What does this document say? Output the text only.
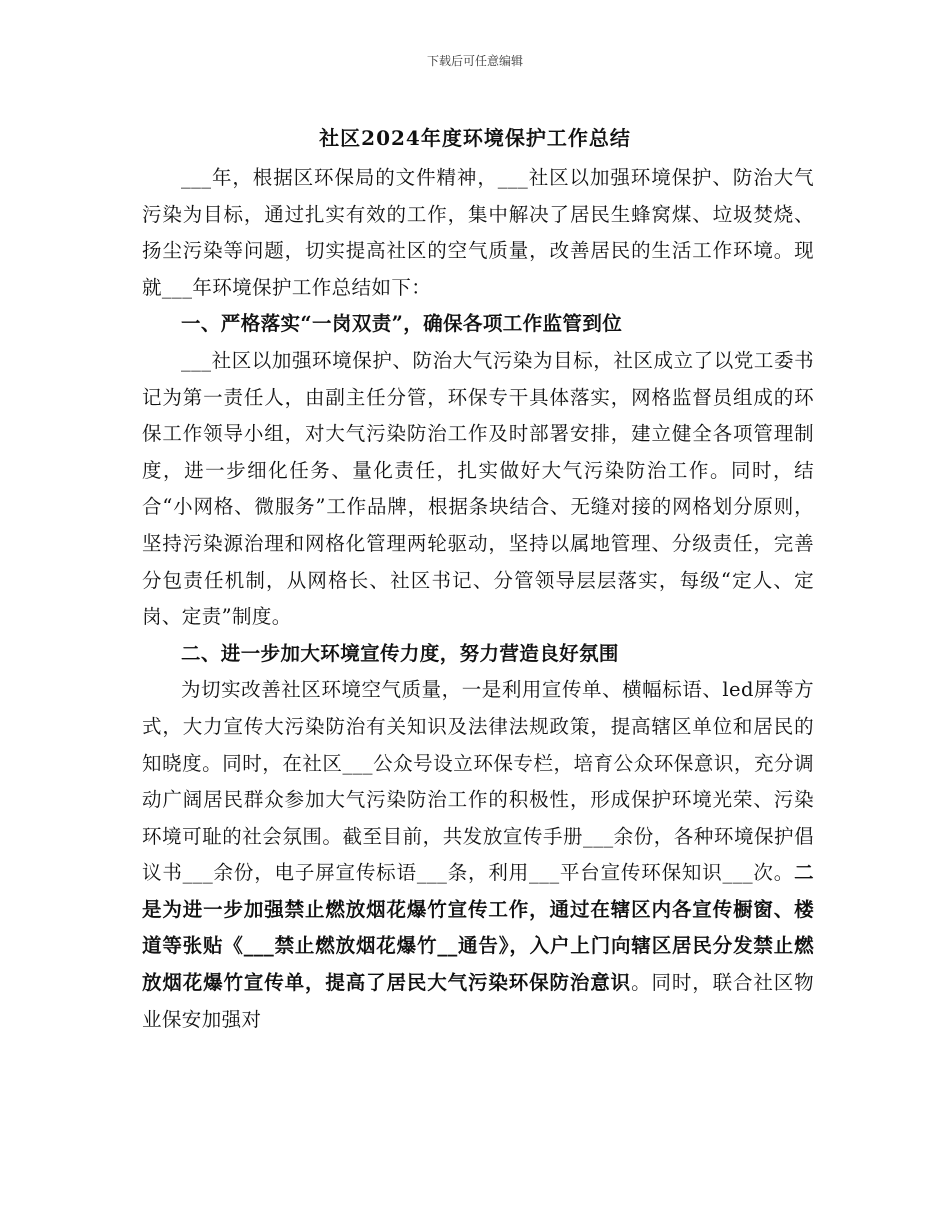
下载后可任意编辑
社区2024年度环境保护工作总结

___年，根据区环保局的文件精神，___社区以加强环境保护、防治大气污染为目标，通过扎实有效的工作，集中解决了居民生蜂窝煤、垃圾焚烧、扬尘污染等问题，切实提高社区的空气质量，改善居民的生活工作环境。现就___年环境保护工作总结如下：

一、严格落实“一岗双责”，确保各项工作监管到位

___社区以加强环境保护、防治大气污染为目标，社区成立了以党工委书记为第一责任人，由副主任分管，环保专干具体落实，网格监督员组成的环保工作领导小组，对大气污染防治工作及时部署安排，建立健全各项管理制度，进一步细化任务、量化责任，扎实做好大气污染防治工作。同时，结合“小网格、微服务”工作品牌，根据条块结合、无缝对接的网格划分原则，坚持污染源治理和网格化管理两轮驱动，坚持以属地管理、分级责任，完善分包责任机制，从网格长、社区书记、分管领导层层落实，每级“定人、定岗、定责”制度。

二、进一步加大环境宣传力度，努力营造良好氛围

为切实改善社区环境空气质量，一是利用宣传单、横幅标语、led屏等方式，大力宣传大污染防治有关知识及法律法规政策，提高辖区单位和居民的知晓度。同时，在社区___公众号设立环保专栏，培育公众环保意识，充分调动广阔居民群众参加大气污染防治工作的积极性，形成保护环境光荣、污染环境可耻的社会氛围。截至目前，共发放宣传手册___余份，各种环境保护倡议书___余份，电子屏宣传标语___条，利用___平台宣传环保知识___次。二是为进一步加强禁止燃放烟花爆竹宣传工作，通过在辖区内各宣传橱窗、楼道等张贴《___禁止燃放烟花爆竹__通告》，入户上门向辖区居民分发禁止燃放烟花爆竹宣传单，提高了居民大气污染环保防治意识。同时，联合社区物业保安加强对
